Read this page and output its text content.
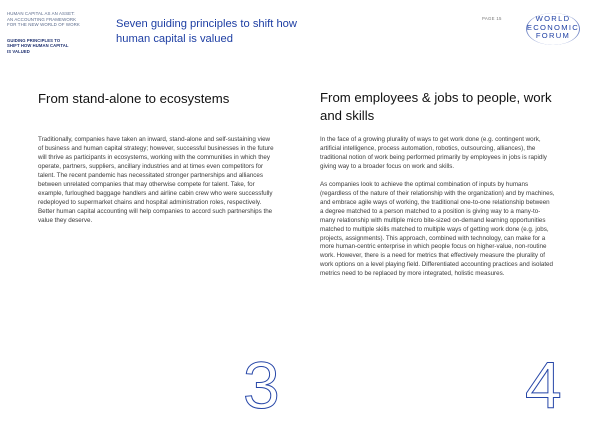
HUMAN CAPITAL AS AN ASSET:
AN ACCOUNTING FRAMEWORK
FOR THE NEW WORLD OF WORK
GUIDING PRINCIPLES TO
SHIFT HOW HUMAN CAPITAL
IS VALUED
Seven guiding principles to shift how
human capital is valued
PAGE 15	WORLD
ECONOMIC
FORUM
From stand-alone to ecosystems
Traditionally, companies have taken an inward, stand-alone and self-sustaining view
of business and human capital strategy; however, successful businesses in the future
will thrive as participants in ecosystems, working with the communities in which they
operate, partners, suppliers, ancillary industries and at times even competitors for
talent. The recent pandemic has necessitated stronger partnerships and alliances
between unrelated companies that may otherwise compete for talent. Take, for
example, furloughed baggage handlers and airline cabin crew who were successfully
redeployed to supermarket chains and hospital administration roles, respectively.
Better human capital accounting will help companies to accord such partnerships the
value they deserve.
3
From employees & jobs to people, work
and skills
In the face of a growing plurality of ways to get work done (e.g. contingent work,
artificial intelligence, process automation, robotics, outsourcing, alliances), the
traditional notion of work being performed primarily by employees in jobs is rapidly
giving way to a broader focus on work and skills.
As companies look to achieve the optimal combination of inputs by humans
(regardless of the nature of their relationship with the organization) and by machines,
and embrace agile ways of working, the traditional one-to-one relationship between
a degree matched to a person matched to a position is giving way to a many-to-
many relationship with multiple micro bite-sized on-demand learning opportunities
matched to multiple skills matched to multiple ways of getting work done (e.g. jobs,
projects, assignments). This approach, combined with technology, can make for a
more human-centric enterprise in which people focus on higher-value, non-routine
work. However, there is a need for metrics that effectively measure the plurality of
work options on a level playing field. Differentiated accounting practices and isolated
metrics need to be replaced by more integrated, holistic measures.
4
